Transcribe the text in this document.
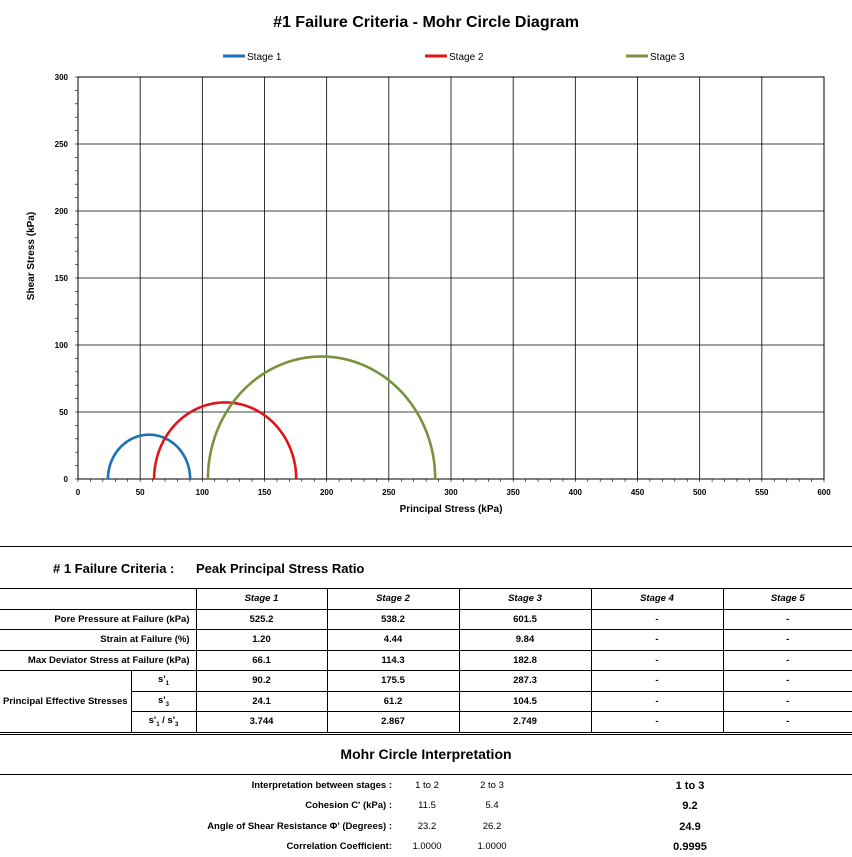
#1 Failure Criteria - Mohr Circle Diagram
0	50	100	150	200	250	300	350	400	450	500	550	600
0
50
100
150
200
250
300
Stage 1	Stage 2	Stage 3
Principal Stress (kPa)
Shear Stress (kPa)
# 1 Failure Criteria : Peak Principal Stress Ratio
		Stage 1	Stage 2	Stage 3	Stage 4	Stage 5
Pore Pressure at Failure (kPa)		525.2	538.2	601.5	-	-
Strain at Failure (%)		1.20	4.44	9.84	-	-
Max Deviator Stress at Failure (kPa)		66.1	114.3	182.8	-	-
Principal Effective Stresses	$s'_1$	90.2	175.5	287.3	-	-
	$s'_3$	24.1	61.2	104.5	-	-
	$s'_1 / s'_3$	3.744	2.867	2.749	-	-
Mohr Circle Interpretation
Interpretation between stages :	1 to 2	2 to 3	1 to 3
Cohesion C' (kPa) :	11.5	5.4	9.2
Angle of Shear Resistance Φ' (Degrees) :	23.2	26.2	24.9
Correlation Coefficient:	1.0000	1.0000	0.9995
